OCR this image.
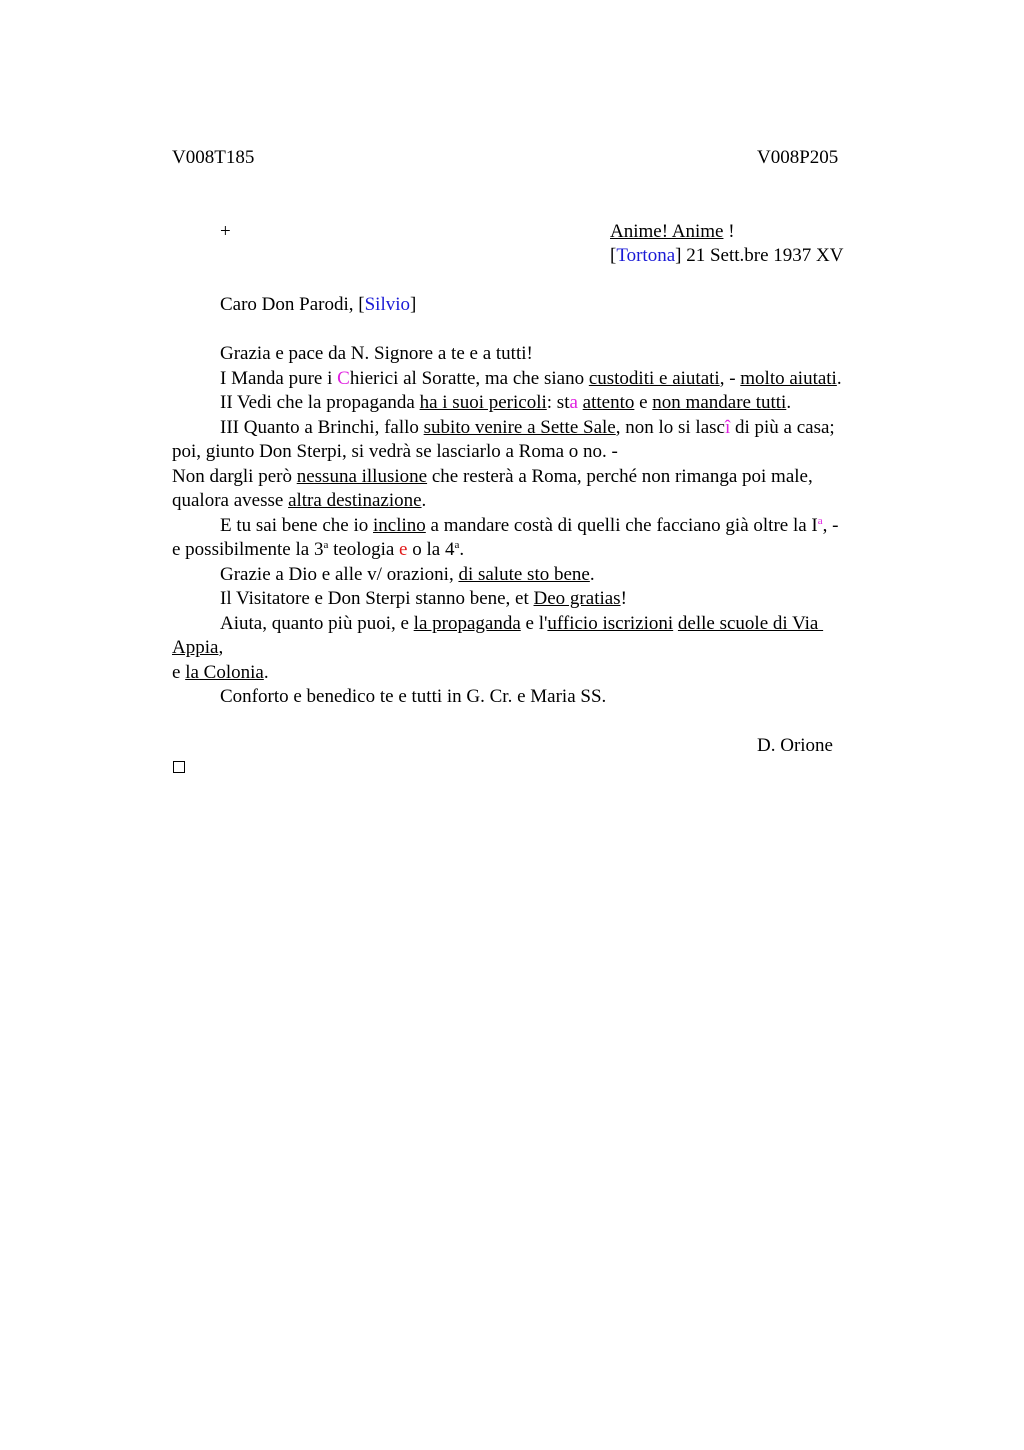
V008T185	V008P205
+	Anime! Anime !
[Tortona] 21 Sett.bre 1937 XV
Caro Don Parodi, [Silvio]
Grazia e pace da N. Signore a te e a tutti!
I Manda pure i Chierici al Soratte, ma che siano custoditi e aiutati, - molto aiutati.
II Vedi che la propaganda ha i suoi pericoli: sta attento e non mandare tutti.
III Quanto a Brinchi, fallo subito venire a Sette Sale, non lo si lascî di più a casa;
poi, giunto Don Sterpi, si vedrà se lasciarlo a Roma o no. -
Non dargli però nessuna illusione che resterà a Roma, perché non rimanga poi male,
qualora avesse altra destinazione.
E tu sai bene che io inclino a mandare costà di quelli che facciano già oltre la $I^a$, -
e possibilmente la 3$^a$ teologia e o la 4$^a$.
Grazie a Dio e alle v/ orazioni, di salute sto bene.
Il Visitatore e Don Sterpi stanno bene, et Deo gratias!
Aiuta, quanto più puoi, e la propaganda e l'ufficio iscrizioni delle scuole di Via
Appia,
e la Colonia.
Conforto e benedico te e tutti in G. Cr. e Maria SS.
D. Orione
